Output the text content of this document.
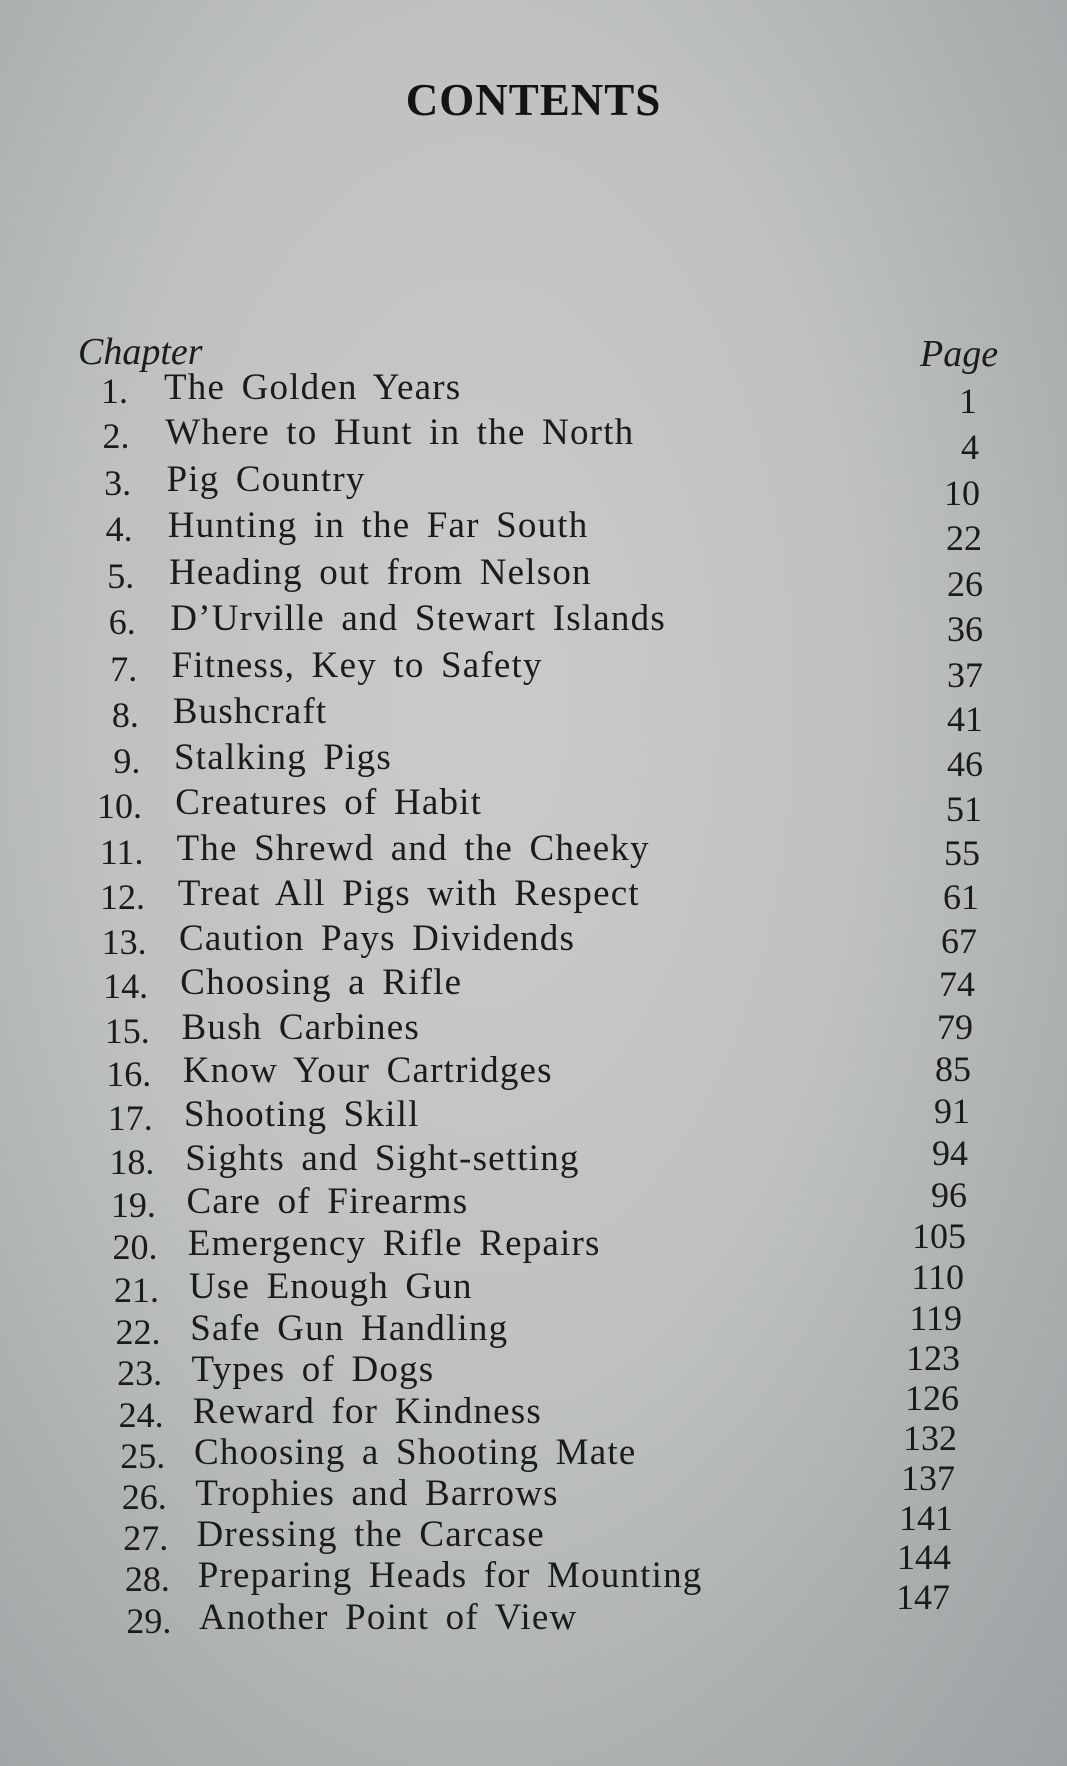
CONTENTS
Chapter	Page
1. The Golden Years	1
2. Where to Hunt in the North	4
3. Pig Country	10
4. Hunting in the Far South	22
5. Heading out from Nelson	26
6. D’Urville and Stewart Islands	36
7. Fitness, Key to Safety	37
8. Bushcraft	41
9. Stalking Pigs	46
10. Creatures of Habit	51
11. The Shrewd and the Cheeky	55
12. Treat All Pigs with Respect	61
13. Caution Pays Dividends	67
14. Choosing a Rifle	74
15. Bush Carbines	79
16. Know Your Cartridges	85
17. Shooting Skill	91
18. Sights and Sight-setting	94
19. Care of Firearms	96
20. Emergency Rifle Repairs	105
21. Use Enough Gun	110
22. Safe Gun Handling	119
23. Types of Dogs	123
24. Reward for Kindness	126
25. Choosing a Shooting Mate	132
26. Trophies and Barrows	137
27. Dressing the Carcase	141
28. Preparing Heads for Mounting	144
29. Another Point of View	147
